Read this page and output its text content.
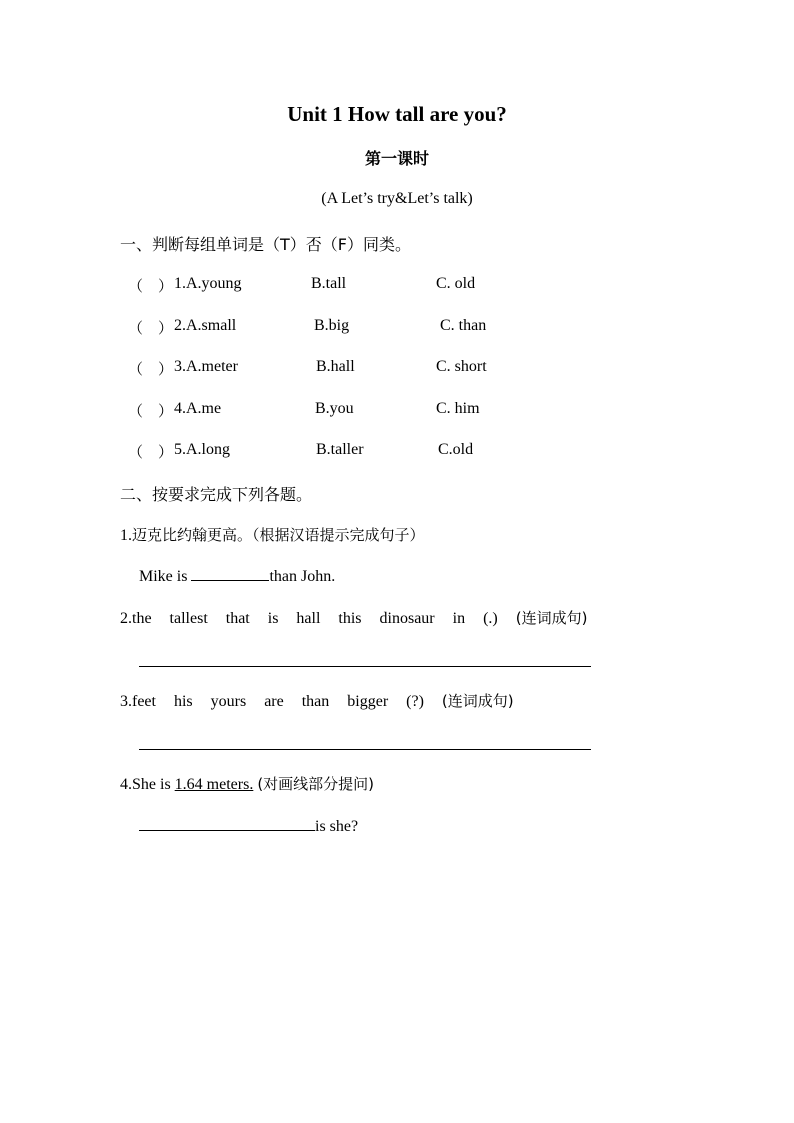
Unit 1 How tall are you?
第一课时
(A Let’s try&Let’s talk)
一、判断每组单词是（T）否（F）同类。
（ ） 1.A.young	B.tall	C. old
（ ） 2.A.small	B.big	C. than
（ ） 3.A.meter	B.hall	C. short
（ ） 4.A.me	B.you	C. him
（ ） 5.A.long	B.taller	C.old
二、按要求完成下列各题。
1.迈克比约翰更高。（根据汉语提示完成句子）
Mike is	than John.
2.the tallest that is hall this dinosaur in (.) (连词成句)
3.feet his yours are than bigger (?) (连词成句)
4.She is 1.64 meters. (对画线部分提问)
is she?
